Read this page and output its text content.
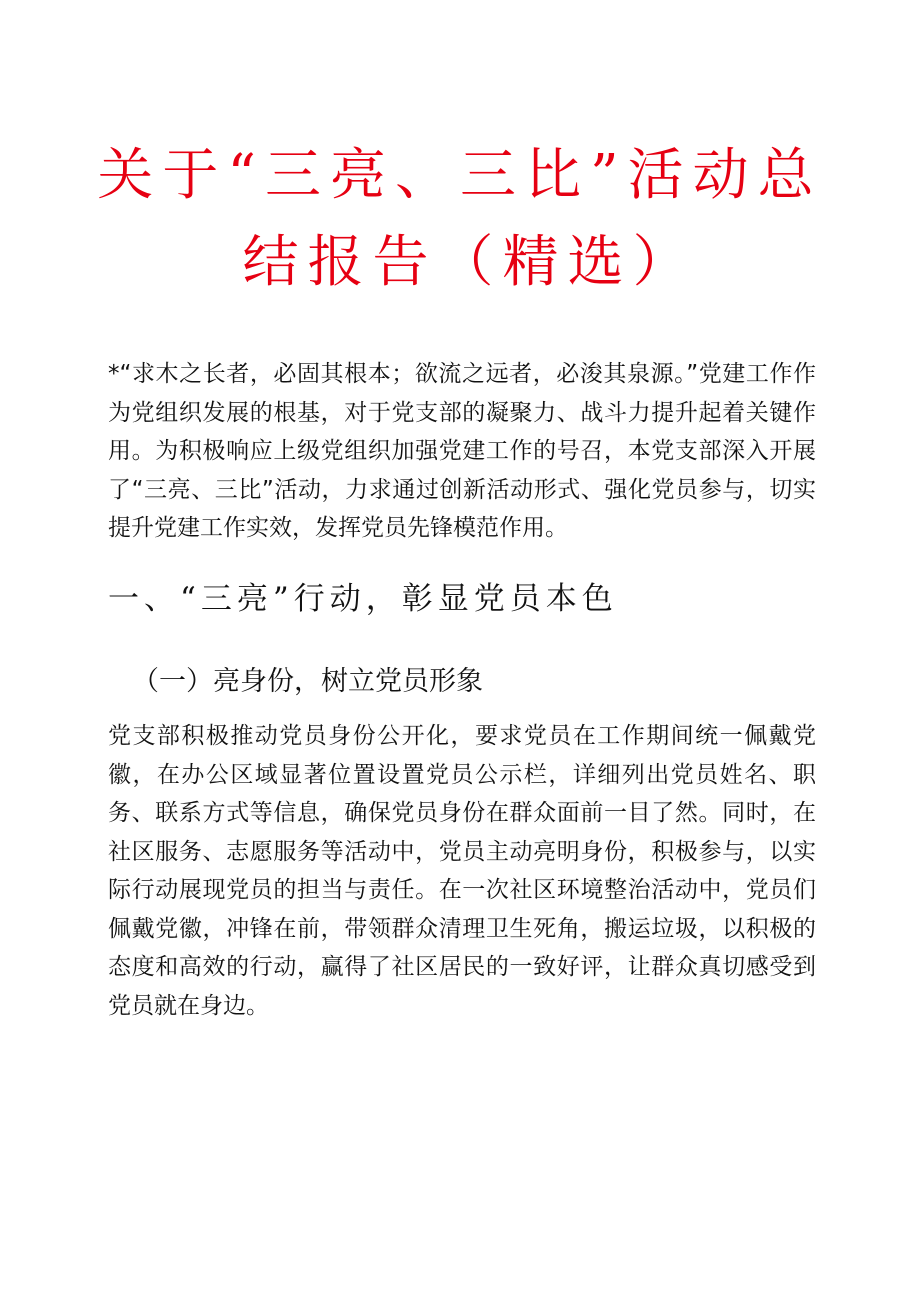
关于“三亮、三比”活动总
结报告（精选）

*“求木之长者，必固其根本；欲流之远者，必浚其泉源。”党建工作作为党组织发展的根基，对于党支部的凝聚力、战斗力提升起着关键作用。为积极响应上级党组织加强党建工作的号召，本党支部深入开展了“三亮、三比”活动，力求通过创新活动形式、强化党员参与，切实提升党建工作实效，发挥党员先锋模范作用。

一、“三亮”行动，彰显党员本色
（一）亮身份，树立党员形象

党支部积极推动党员身份公开化，要求党员在工作期间统一佩戴党徽，在办公区域显著位置设置党员公示栏，详细列出党员姓名、职务、联系方式等信息，确保党员身份在群众面前一目了然。同时，在社区服务、志愿服务等活动中，党员主动亮明身份，积极参与，以实际行动展现党员的担当与责任。在一次社区环境整治活动中，党员们佩戴党徽，冲锋在前，带领群众清理卫生死角，搬运垃圾，以积极的态度和高效的行动，赢得了社区居民的一致好评，让群众真切感受到党员就在身边。
